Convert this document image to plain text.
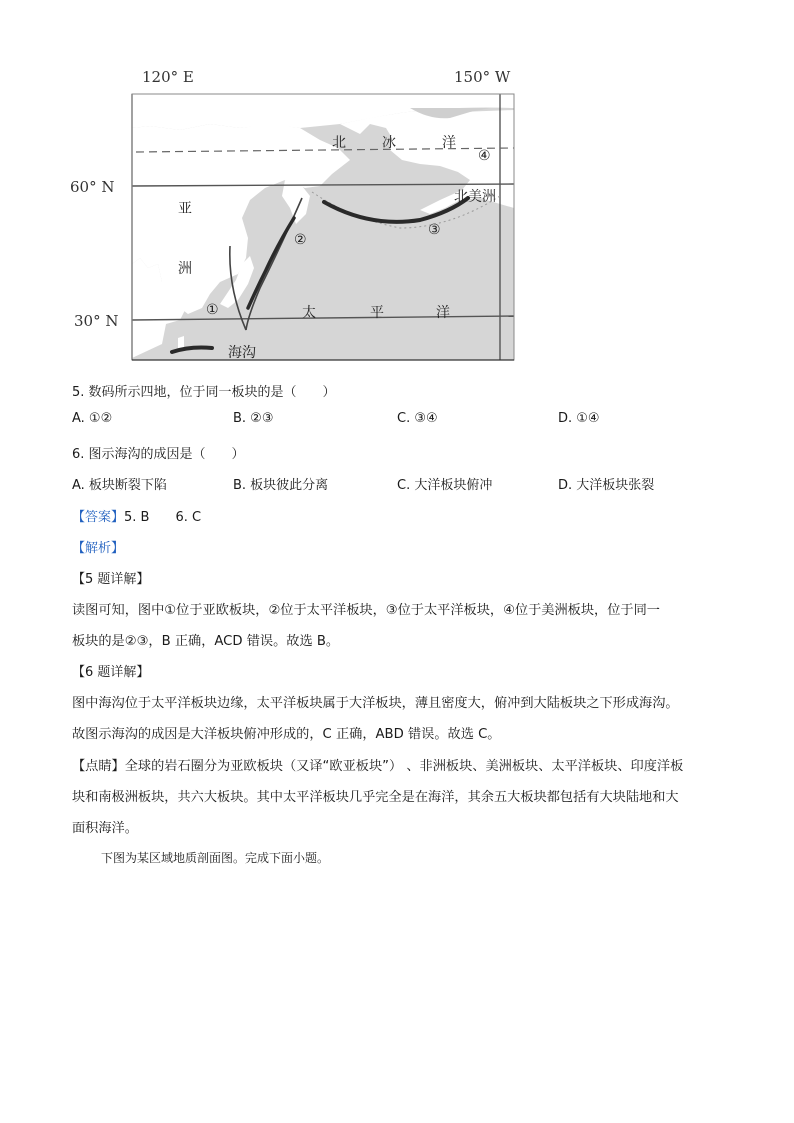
120° E	150° W
60° N
30° N
北	冰	洋
亚
洲
北美洲
太	平	洋
海沟
①
②
③
④
5. 数码所示四地，位于同一板块的是（　　）
A. ①②	B. ②③	C. ③④	D. ①④
6. 图示海沟的成因是（　　）
A. 板块断裂下陷	B. 板块彼此分离	C. 大洋板块俯冲	D. 大洋板块张裂
【答案】5. B　　6. C
【解析】
【5 题详解】
读图可知，图中①位于亚欧板块，②位于太平洋板块，③位于太平洋板块，④位于美洲板块，位于同一
板块的是②③，B 正确，ACD 错误。故选 B。
【6 题详解】
图中海沟位于太平洋板块边缘，太平洋板块属于大洋板块，薄且密度大，俯冲到大陆板块之下形成海沟。
故图示海沟的成因是大洋板块俯冲形成的，C 正确，ABD 错误。故选 C。
【点睛】全球的岩石圈分为亚欧板块（又译“欧亚板块”） 、非洲板块、美洲板块、太平洋板块、印度洋板
块和南极洲板块，共六大板块。其中太平洋板块几乎完全是在海洋，其余五大板块都包括有大块陆地和大
面积海洋。
下图为某区域地质剖面图。完成下面小题。
